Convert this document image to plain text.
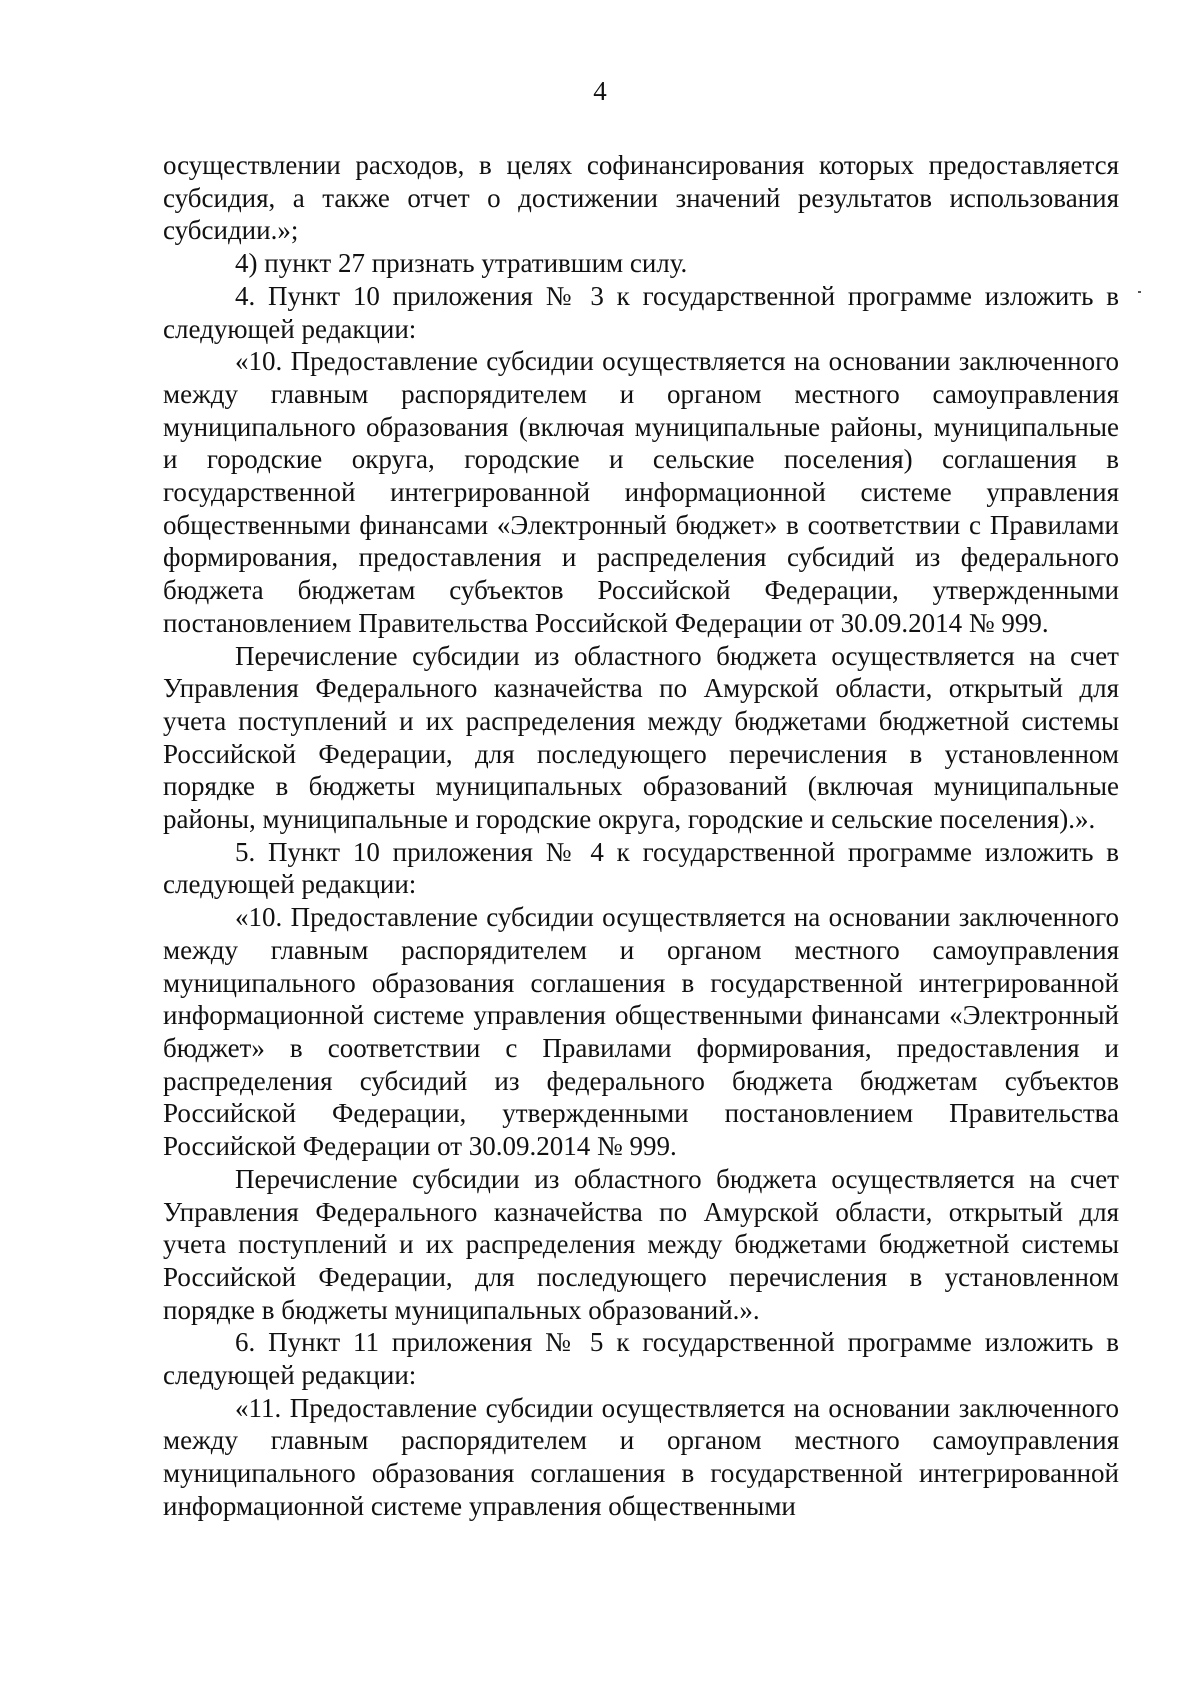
4

осуществлении расходов, в целях софинансирования которых предоставляется субсидия, а также отчет о достижении значений результатов использования субсидии.»;

4) пункт 27 признать утратившим силу.

4. Пункт 10 приложения № 3 к государственной программе изложить в следующей редакции:

«10. Предоставление субсидии осуществляется на основании заключенного между главным распорядителем и органом местного самоуправления муниципального образования (включая муниципальные районы, муниципальные и городские округа, городские и сельские поселения) соглашения в государственной интегрированной информационной системе управления общественными финансами «Электронный бюджет» в соответствии с Правилами формирования, предоставления и распределения субсидий из федерального бюджета бюджетам субъектов Российской Федерации, утвержденными постановлением Правительства Российской Федерации от 30.09.2014 № 999.

Перечисление субсидии из областного бюджета осуществляется на счет Управления Федерального казначейства по Амурской области, открытый для учета поступлений и их распределения между бюджетами бюджетной системы Российской Федерации, для последующего перечисления в установленном порядке в бюджеты муниципальных образований (включая муниципальные районы, муниципальные и городские округа, городские и сельские поселения).».

5. Пункт 10 приложения № 4 к государственной программе изложить в следующей редакции:

«10. Предоставление субсидии осуществляется на основании заключенного между главным распорядителем и органом местного самоуправления муниципального образования соглашения в государственной интегрированной информационной системе управления общественными финансами «Электронный бюджет» в соответствии с Правилами формирования, предоставления и распределения субсидий из федерального бюджета бюджетам субъектов Российской Федерации, утвержденными постановлением Правительства Российской Федерации от 30.09.2014 № 999.

Перечисление субсидии из областного бюджета осуществляется на счет Управления Федерального казначейства по Амурской области, открытый для учета поступлений и их распределения между бюджетами бюджетной системы Российской Федерации, для последующего перечисления в установленном порядке в бюджеты муниципальных образований.».

6. Пункт 11 приложения № 5 к государственной программе изложить в следующей редакции:

«11. Предоставление субсидии осуществляется на основании заключенного между главным распорядителем и органом местного самоуправления муниципального образования соглашения в государственной интегрированной информационной системе управления общественными
